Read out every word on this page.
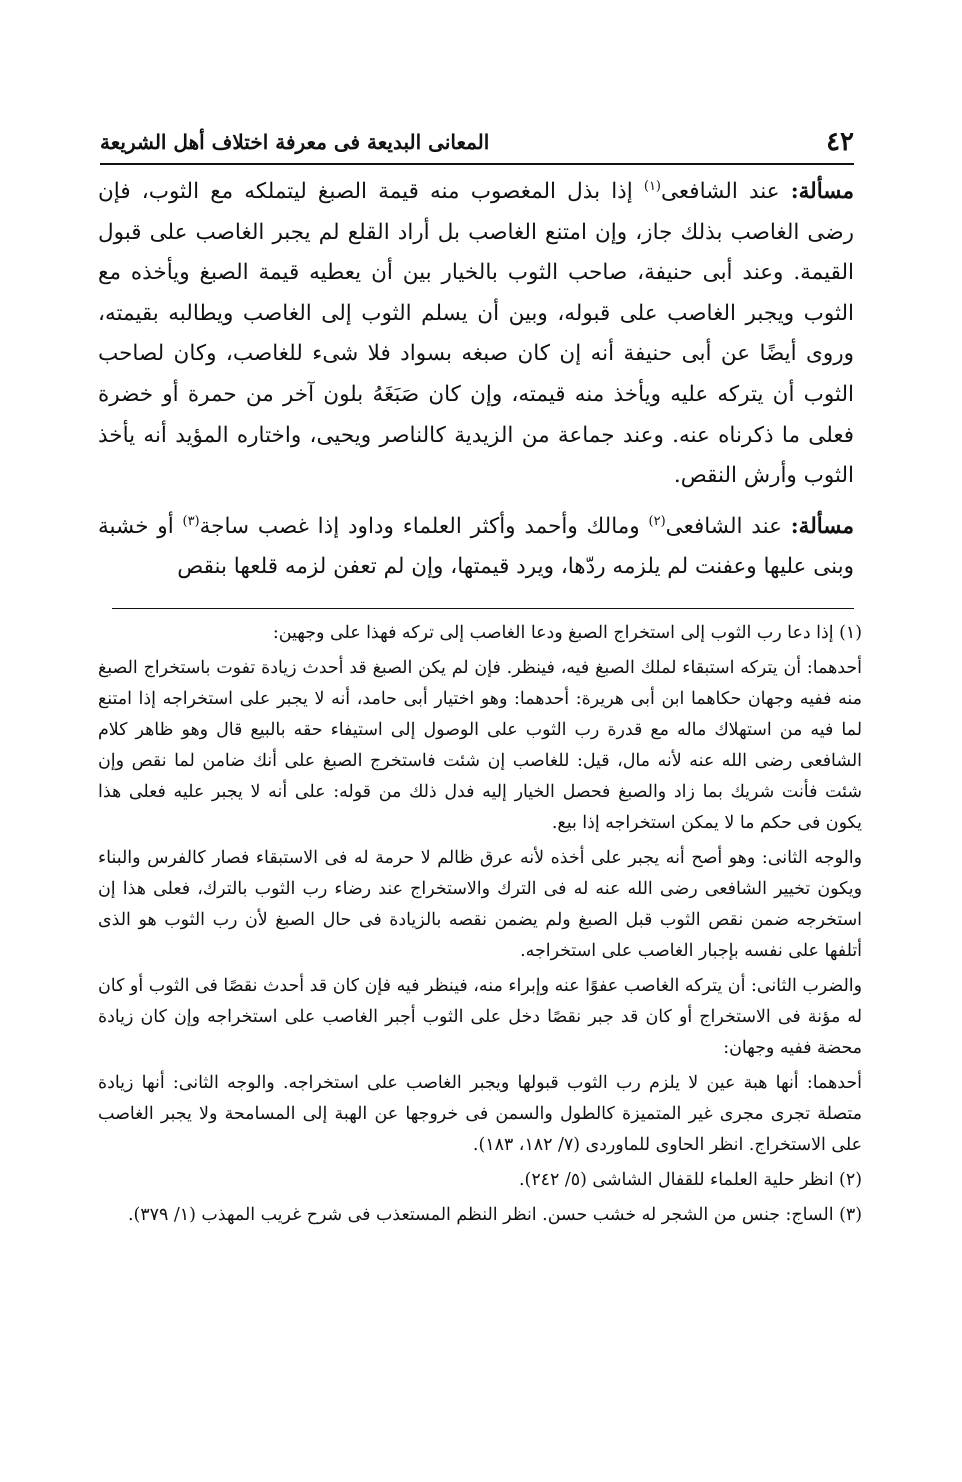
٤٢
المعانى البديعة فى معرفة اختلاف أهل الشريعة

مسألة: عند الشافعى$^{(١)}$ إذا بذل المغصوب منه قيمة الصبغ ليتملكه مع الثوب، فإن رضى الغاصب بذلك جاز، وإن امتنع الغاصب بل أراد القلع لم يجبر الغاصب على قبول القيمة. وعند أبى حنيفة، صاحب الثوب بالخيار بين أن يعطيه قيمة الصبغ ويأخذه مع الثوب ويجبر الغاصب على قبوله، وبين أن يسلم الثوب إلى الغاصب ويطالبه بقيمته، وروى أيضًا عن أبى حنيفة أنه إن كان صبغه بسواد فلا شىء للغاصب، وكان لصاحب الثوب أن يتركه عليه ويأخذ منه قيمته، وإن كان صَبَغَهُ بلون آخر من حمرة أو خضرة فعلى ما ذكرناه عنه. وعند جماعة من الزيدية كالناصر ويحيى، واختاره المؤيد أنه يأخذ الثوب وأرش النقص.

مسألة: عند الشافعى$^{(٢)}$ ومالك وأحمد وأكثر العلماء وداود إذا غصب ساجة$^{(٣)}$ أو خشبة وبنى عليها وعفنت لم يلزمه ردّها، ويرد قيمتها، وإن لم تعفن لزمه قلعها بنقص

(١) إذا دعا رب الثوب إلى استخراج الصبغ ودعا الغاصب إلى تركه فهذا على وجهين:

أحدهما: أن يتركه استبقاء لملك الصبغ فيه، فينظر. فإن لم يكن الصبغ قد أحدث زيادة تفوت باستخراج الصبغ منه ففيه وجهان حكاهما ابن أبى هريرة: أحدهما: وهو اختيار أبى حامد، أنه لا يجبر على استخراجه إذا امتنع لما فيه من استهلاك ماله مع قدرة رب الثوب على الوصول إلى استيفاء حقه بالبيع قال وهو ظاهر كلام الشافعى رضى الله عنه لأنه مال، قيل: للغاصب إن شئت فاستخرج الصبغ على أنك ضامن لما نقص وإن شئت فأنت شريك بما زاد والصبغ فحصل الخيار إليه فدل ذلك من قوله: على أنه لا يجبر عليه فعلى هذا يكون فى حكم ما لا يمكن استخراجه إذا بيع.

والوجه الثانى: وهو أصح أنه يجبر على أخذه لأنه عرق ظالم لا حرمة له فى الاستبقاء فصار كالفرس والبناء ويكون تخيير الشافعى رضى الله عنه له فى الترك والاستخراج عند رضاء رب الثوب بالترك، فعلى هذا إن استخرجه ضمن نقص الثوب قبل الصبغ ولم يضمن نقصه بالزيادة فى حال الصبغ لأن رب الثوب هو الذى أتلفها على نفسه بإجبار الغاصب على استخراجه.

والضرب الثانى: أن يتركه الغاصب عفوًا عنه وإبراء منه، فينظر فيه فإن كان قد أحدث نقصًا فى الثوب أو كان له مؤنة فى الاستخراج أو كان قد جبر نقصًا دخل على الثوب أجبر الغاصب على استخراجه وإن كان زيادة محضة ففيه وجهان:

أحدهما: أنها هبة عين لا يلزم رب الثوب قبولها ويجبر الغاصب على استخراجه. والوجه الثانى: أنها زيادة متصلة تجرى مجرى غير المتميزة كالطول والسمن فى خروجها عن الهبة إلى المسامحة ولا يجبر الغاصب على الاستخراج. انظر الحاوى للماوردى (٧/ ١٨٢، ١٨٣).

(٢) انظر حلية العلماء للقفال الشاشى (٥/ ٢٤٢).

(٣) الساج: جنس من الشجر له خشب حسن. انظر النظم المستعذب فى شرح غريب المهذب (١/ ٣٧٩).
